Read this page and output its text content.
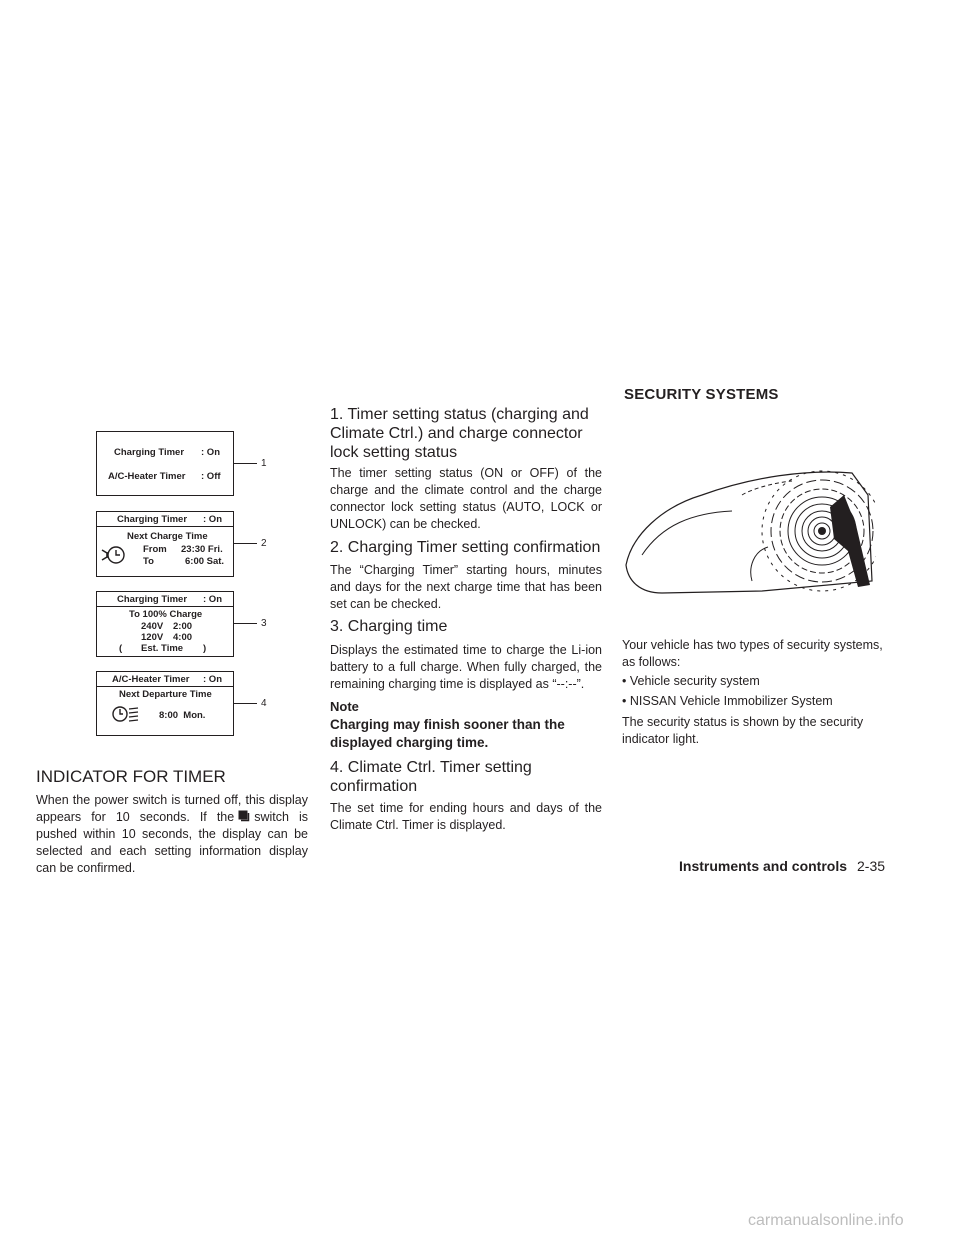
Charging Timer : On
A/C-Heater Timer : Off
1
Charging Timer : On
Next Charge Time
From 23:30 Fri.
To	6:00 Sat.
2
Charging Timer : On
To 100% Charge
240V 2:00
120V 4:00
( Est. Time )
3
A/C-Heater Timer : On
Next Departure Time
8:00  Mon.
4
INDICATOR FOR TIMER

When the power switch is turned off, this display appears for 10 seconds. If the switch is pushed within 10 seconds, the display can be selected and each setting information display can be confirmed.

1. Timer setting status (charging and Climate Ctrl.) and charge connector lock setting status

The timer setting status (ON or OFF) of the charge and the climate control and the charge connector lock setting status (AUTO, LOCK or UNLOCK) can be checked.

2. Charging Timer setting confirmation

The “Charging Timer” starting hours, minutes and days for the next charge time that has been set can be checked.

3. Charging time

Displays the estimated time to charge the Li-ion battery to a full charge. When fully charged, the remaining charging time is displayed as “--:--”.

Note

Charging may finish sooner than the displayed charging time.

4. Climate Ctrl. Timer setting confirmation

The set time for ending hours and days of the Climate Ctrl. Timer is displayed.

SECURITY SYSTEMS

Your vehicle has two types of security systems, as follows:

• Vehicle security system

• NISSAN Vehicle Immobilizer System

The security status is shown by the security indicator light.

Instruments and controls 2-35
carmanualsonline.info
